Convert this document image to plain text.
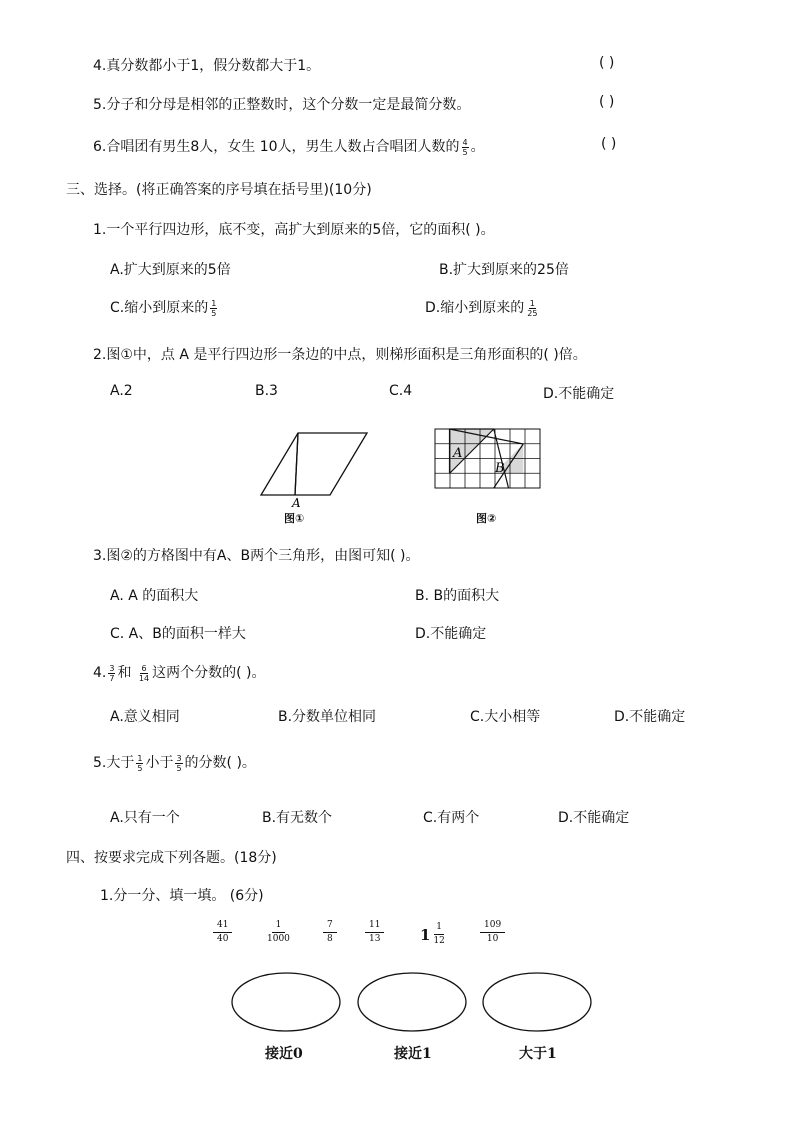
4.真分数都小于1，假分数都大于1。	( )
5.分子和分母是相邻的正整数时，这个分数一定是最简分数。	( )
6.合唱团有男生8人，女生 10人，男生人数占合唱团人数的 $\frac{4}{5}$ 。	( )
三、选择。(将正确答案的序号填在括号里)(10分)
1.一个平行四边形，底不变，高扩大到原来的5倍，它的面积( )。
A.扩大到原来的5倍	B.扩大到原来的25倍
C.缩小到原来的 $\frac{1}{5}$	D.缩小到原来的 $\frac{1}{25}$
2.图①中，点 A 是平行四边形一条边的中点，则梯形面积是三角形面积的( )倍。
A.2	B.3	C.4	D.不能确定
A
图①
A
B
图②
3.图②的方格图中有A、B两个三角形，由图可知( )。
A. A 的面积大	B. B的面积大
C. A、B的面积一样大	D.不能确定
4. $\frac{3}{7}$ 和 $\frac{6}{14}$ 这两个分数的( )。
A.意义相同	B.分数单位相同	C.大小相等	D.不能确定
5.大于 $\frac{1}{5}$ 小于 $\frac{3}{5}$ 的分数( )。
A.只有一个	B.有无数个	C.有两个	D.不能确定
四、按要求完成下列各题。(18分)
1.分一分、填一填。 (6分)
$\frac{41}{40}$	$\frac{1}{1000}$	$\frac{7}{8}$	$\frac{11}{13} 1 \frac{1}{12}$	$\frac{109}{10}$
接近0	接近1	大于1
